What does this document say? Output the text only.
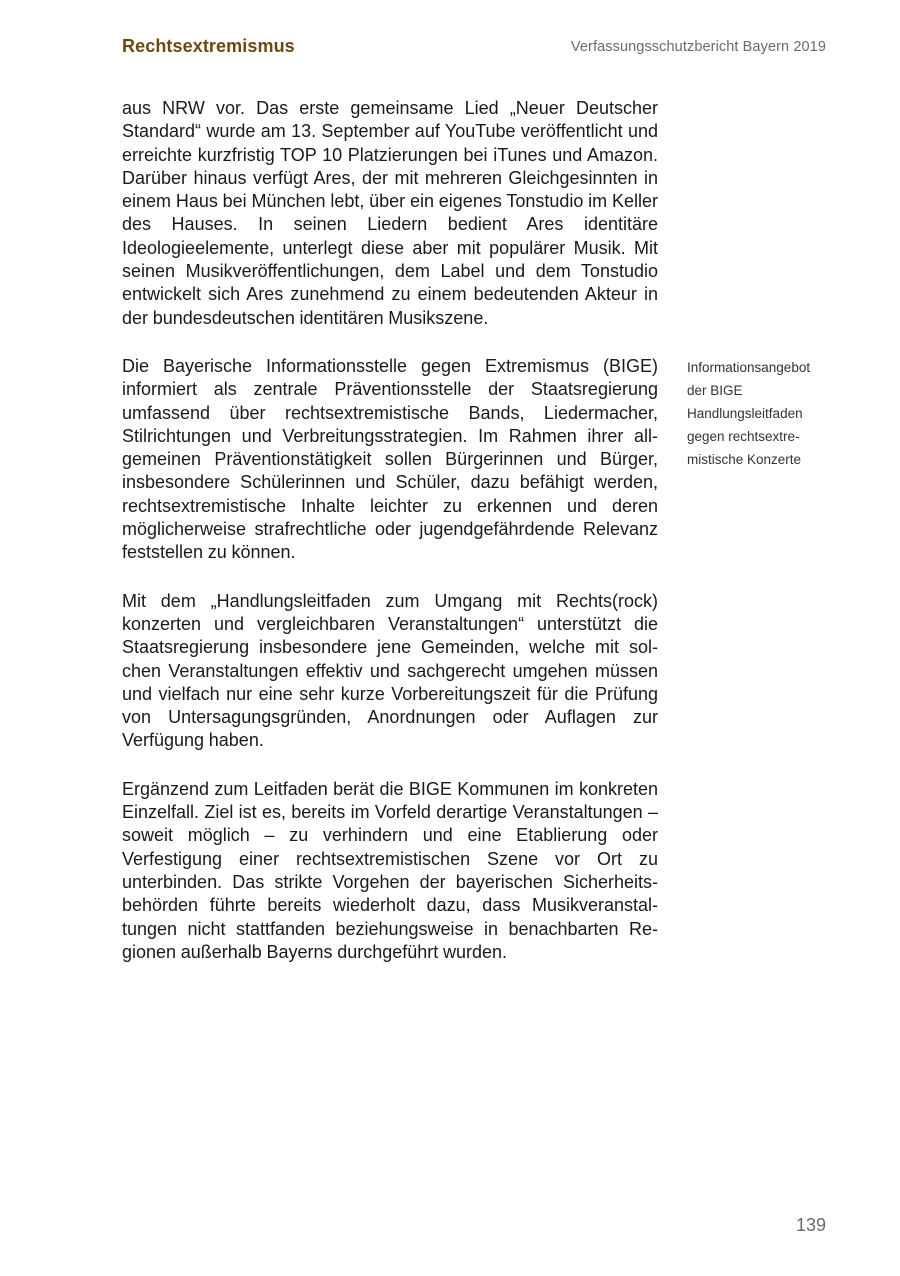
Rechtsextremismus	Verfassungsschutzbericht Bayern 2019

aus NRW vor. Das erste gemeinsame Lied „Neuer Deutscher Standard“ wurde am 13. September auf YouTube veröffentlicht und erreichte kurzfristig TOP 10 Platzierungen bei iTunes und Amazon. Darüber hinaus verfügt Ares, der mit mehreren Gleichgesinnten in einem Haus bei München lebt, über ein eigenes Tonstudio im Keller des Hauses. In seinen Liedern bedient Ares identitäre Ideologieelemente, unterlegt diese aber mit populärer Musik. Mit seinen Musikveröffentlichungen, dem Label und dem Tonstudio entwickelt sich Ares zunehmend zu einem bedeutenden Akteur in der bundesdeutschen identitären Musikszene.

Die Bayerische Informationsstelle gegen Extremismus (BIGE) informiert als zentrale Präventionsstelle der Staatsregierung umfassend über rechtsextremistische Bands, Liedermacher, Stilrichtungen und Verbreitungsstrategien. Im Rahmen ihrer allgemeinen Präventionstätigkeit sollen Bürgerinnen und Bürger, insbesondere Schülerinnen und Schüler, dazu befähigt werden, rechtsextremistische Inhalte leichter zu erkennen und deren möglicherweise strafrechtliche oder jugendgefährdende Relevanz feststellen zu können.

Mit dem „Handlungsleitfaden zum Umgang mit Rechts(rock) konzerten und vergleichbaren Veranstaltungen“ unterstützt die Staatsregierung insbesondere jene Gemeinden, welche mit solchen Veranstaltungen effektiv und sachgerecht umgehen müssen und vielfach nur eine sehr kurze Vorbereitungszeit für die Prüfung von Untersagungsgründen, Anordnungen oder Auflagen zur Verfügung haben.

Ergänzend zum Leitfaden berät die BIGE Kommunen im konkreten Einzelfall. Ziel ist es, bereits im Vorfeld derartige Veranstaltungen – soweit möglich – zu verhindern und eine Etablierung oder Verfestigung einer rechtsextremistischen Szene vor Ort zu unterbinden. Das strikte Vorgehen der bayerischen Sicherheitsbehörden führte bereits wiederholt dazu, dass Musikveranstaltungen nicht stattfanden beziehungsweise in benachbarten Regionen außerhalb Bayerns durchgeführt wurden.

Informationsangebot
der BIGE
Handlungsleitfaden
gegen rechtsextre-
mistische Konzerte
139
